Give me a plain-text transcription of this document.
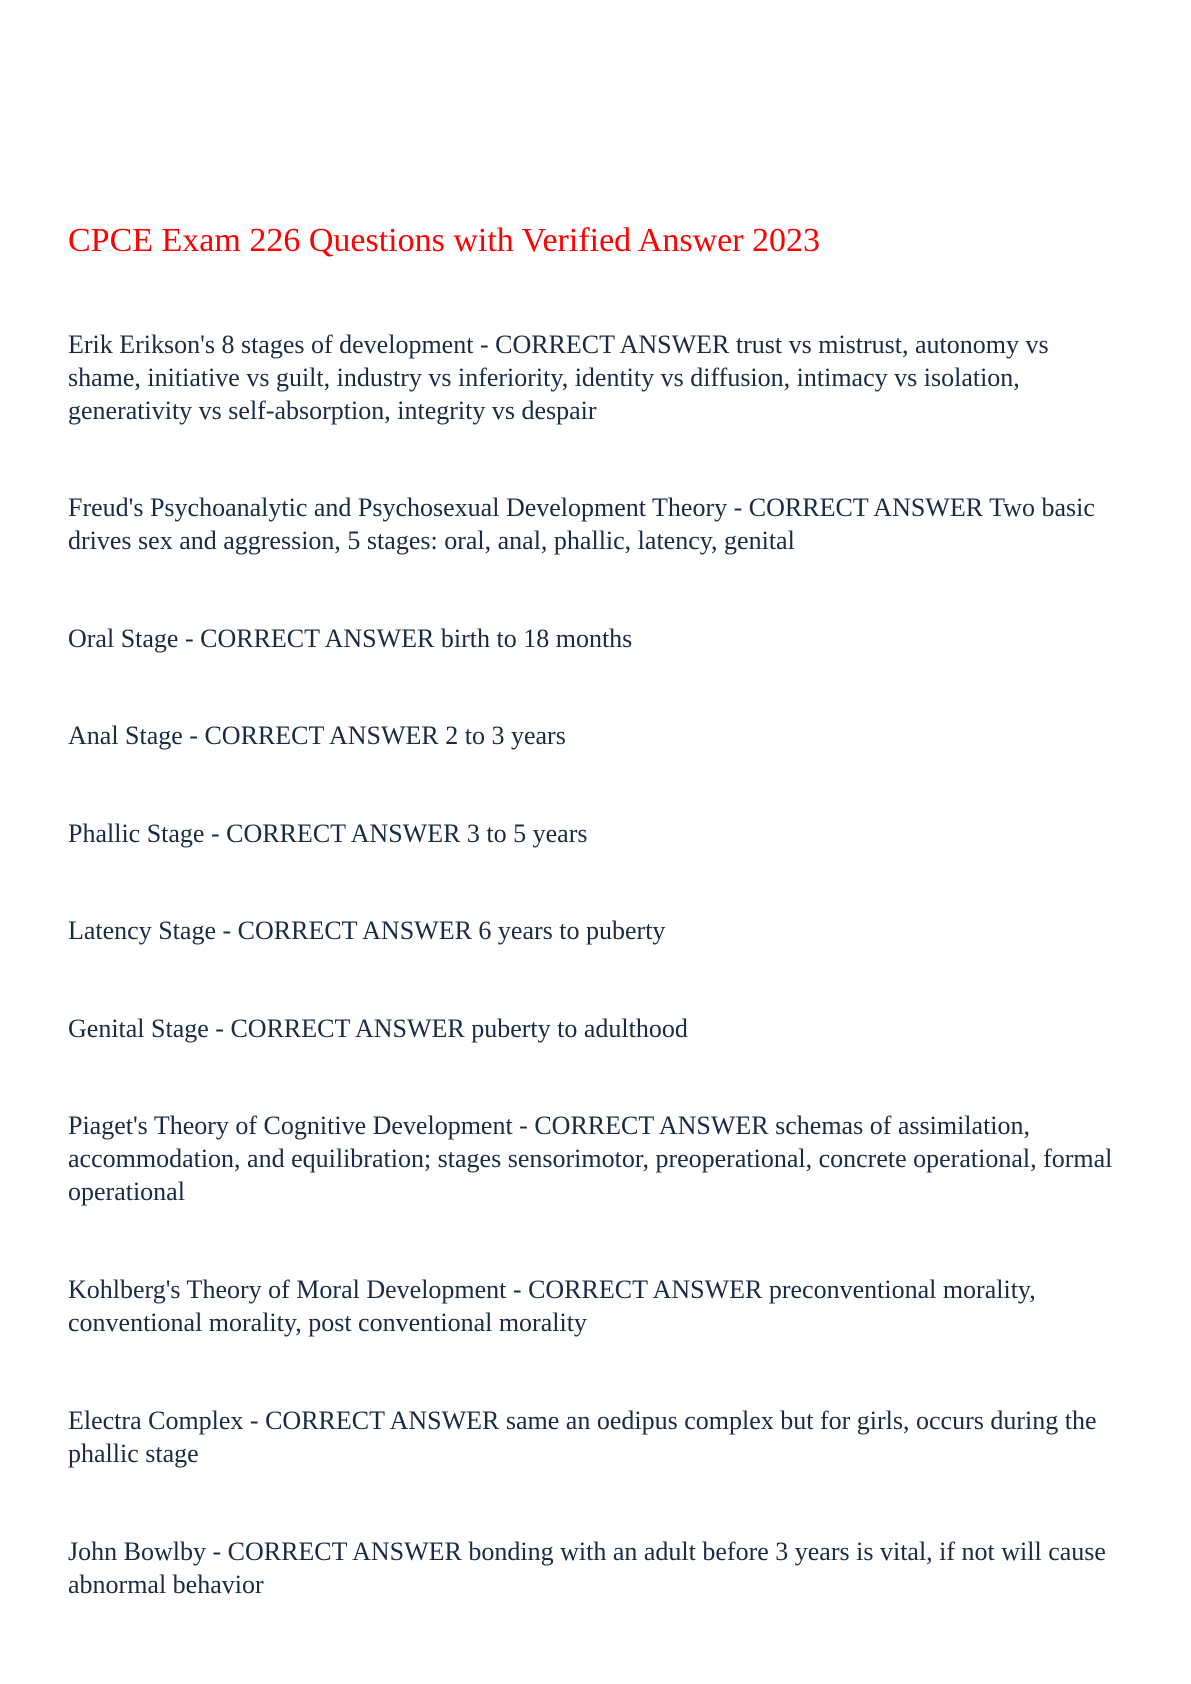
CPCE Exam 226 Questions with Verified Answer 2023

Erik Erikson's 8 stages of development - CORRECT ANSWER trust vs mistrust, autonomy vs shame, initiative vs guilt, industry vs inferiority, identity vs diffusion, intimacy vs isolation, generativity vs self-absorption, integrity vs despair

Freud's Psychoanalytic and Psychosexual Development Theory - CORRECT ANSWER Two basic drives sex and aggression, 5 stages: oral, anal, phallic, latency, genital

Oral Stage - CORRECT ANSWER birth to 18 months

Anal Stage - CORRECT ANSWER 2 to 3 years

Phallic Stage - CORRECT ANSWER 3 to 5 years

Latency Stage - CORRECT ANSWER 6 years to puberty

Genital Stage - CORRECT ANSWER puberty to adulthood

Piaget's Theory of Cognitive Development - CORRECT ANSWER schemas of assimilation, accommodation, and equilibration; stages sensorimotor, preoperational, concrete operational, formal operational

Kohlberg's Theory of Moral Development - CORRECT ANSWER preconventional morality, conventional morality, post conventional morality

Electra Complex - CORRECT ANSWER same an oedipus complex but for girls, occurs during the phallic stage

John Bowlby - CORRECT ANSWER bonding with an adult before 3 years is vital, if not will cause abnormal behavior
